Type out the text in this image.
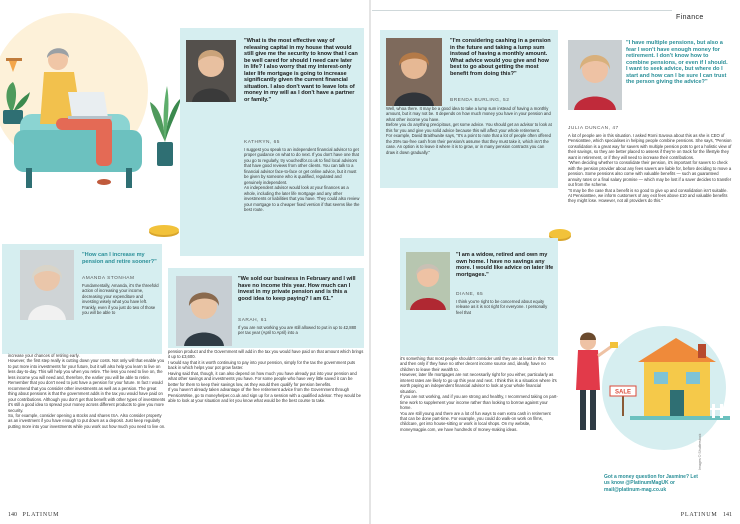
"What is the most effective way of releasing capital in my house that would still give me the security to know that I can be well cared for should I need care later in life? I also worry that my interest-only later life mortgage is going to increase significantly given the current financial situation. I also don't want to leave lots of money in my will as I don't have a partner or family."
KATHRYN, 65
I suggest you speak to an independent financial advisor to get proper guidance on what to do next. If you don't have one that you go to regularly, try vouchedfor.co.uk to find local advisors that have good reviews from other clients. You can talk to a financial advisor face-to-face or get online advice, but it must be given by someone who is qualified, regulated and genuinely independent.
An independent advisor would look at your finances as a whole, including the later life mortgage and any other investments or liabilities that you have. They could also review your mortgage to a cheaper fixed version if that seems like the best route.
"How can I increase my pension and retire sooner?"
AMANDA STONHAM
Fundamentally, Amanda, it's the threefold action of increasing your income, decreasing your expenditure and investing wisely what you have left.
Frankly, even if you just do two of those you will be able to
increase your chances of retiring early.
However, the first step really is cutting down your costs. Not only will that enable you to put more into investments for your future, but it will also help you learn to live on less day-to-day. This will help you when you retire. The less you need to live on, the less income you will need and, therefore, the earlier you will be able to retire.
Remember that you don't need to just have a pension for your future. In fact I would recommend that you consider other investments as well as a pension. The great thing about pensions is that the government adds in the tax you would have paid on your contributions. Although you don't get that benefit with other types of investments it's still a good idea to spread your money across different products to give you more security.
So, for example, consider opening a stocks and shares ISA. Also consider property as an investment if you have enough to put down as a deposit. Just keep regularly putting more into your investments while you work out how much you need to live on.
"We sold our business in February and I will have no income this year. How much can I invest in my private pension and is this a good idea to keep paying? I am 61."
SARAH, 61
If you are not working you are still allowed to put in up to £2,880 per tax year (April to April) into a
pension product and the Government will add in the tax you would have paid on that amount which brings it up to £3,600.
I would say that it is worth continuing to pay into your pension, simply for the tax the government puts back in which helps your pot grow faster.
Having said that, though, it can also depend on how much you have already put into your pension and what other savings and investments you have. For some people who have very little saved it can be better for them to keep their savings low, as they would then qualify for pension benefits.
If you haven't already taken advantage of the free retirement advice from the Government through PensionWise, go to moneyhelper.co.uk and sign up for a session with a qualified advisor. They would be able to look at your situation and let you know what would be the best course to take.
140 PLATINUM
Finance
"I'm considering cashing in a pension in the future and taking a lump sum instead of having a monthly amount. What advice would you give and how best to go about getting the most benefit from doing this?"
BRENDA BURLING, 52
Well, whoa there. It may be a good idea to take a lump sum instead of having a monthly amount, but it may not be. It depends on how much money you have in your pension and what other income you have.
Before you do anything precipitous, get some advice. You should get an advisor to look at this for you and give you solid advice because this will affect your whole retirement.
For example, David Braithwaite says, "It's a point to note that a lot of people often offered the 25% tax-free cash from their pension/s assume that they must take it, which isn't the case. An option is to leave it where it is to grow, or in many pension contracts you can draw it down gradually."
"I have multiple pensions, but also a fear I won't have enough money for retirement. I don't know how to combine pensions, or even if I should. I want to seek advice, but where do I start and how can I be sure I can trust the person giving the advice?"
JULIA DUNCAN, 47
A lot of people are in this situation. I asked Romi Savova about this as she is CEO of PensionBee, which specialises in helping people combine pensions. She says, "Pension consolidation is a great way for savers with multiple pension pots to get a holistic view of their savings, so they are better placed to assess if they're on track for the lifestyle they want in retirement, or if they will need to increase their contributions.
"When deciding whether to consolidate their pension, it's important for savers to check with the pension provider about any fees savers are liable for, before deciding to move a pension. Some pensions also come with valuable benefits — such as guaranteed annuity rates or a final salary promise — which may be lost if a saver decides to transfer out from the scheme.
"It may be the case that a benefit is so good to give up and consolidation isn't suitable. At PensionBee, we inform customers of any exit fees above £10 and valuable benefits they might lose. However, not all providers do this."
"I am a widow, retired and own my own home. I have no savings any more. I would like advice on later life mortgages."
DIANE, 65
I think you're right to be concerned about equity release as it is not right for everyone. I personally feel that
it's something that most people shouldn't consider until they are at least in their 70s and then only if they have no other decent income source and, ideally, have no children to leave their wealth to.
However, later life mortgages are not necessarily right for you either, particularly as interest rates are likely to go up this year and next. I think this is a situation where it's worth paying an independent financial advisor to look at your whole financial situation.
If you are not working, and if you are strong and healthy, I recommend taking on part-time work to supplement your income rather than looking to borrow against your home.
You are still young and there are a lot of fun ways to earn extra cash in retirement that can be done part-time. For example, you could do walk-on work on films, childcare, get into house-sitting or work in local shops. On my website, moneymagpie.com, we have hundreds of money-making ideas.
SALE
Got a money question for Jasmine? Let us know @PlatinumMagUK or mail@platinum-mag.co.uk
Images © Shutterstock
PLATINUM 141
